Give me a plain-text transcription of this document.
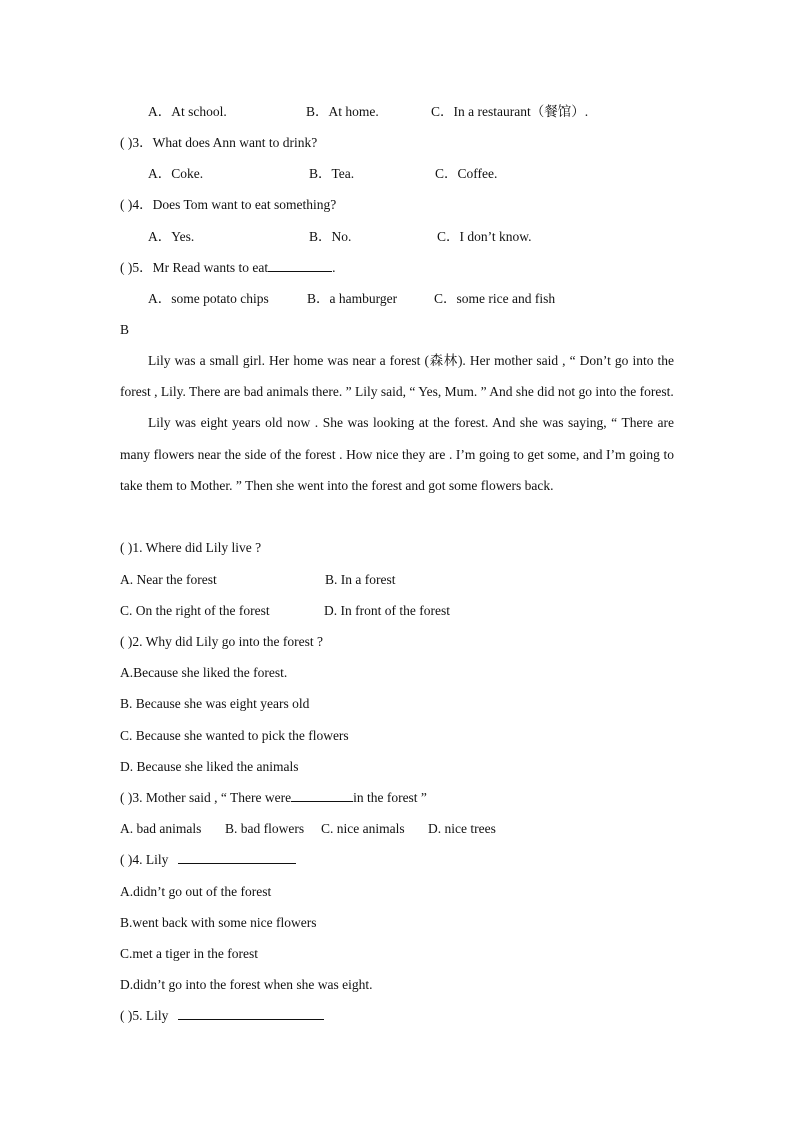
A．At school.	B．At home.	C．In a restaurant（餐馆）.
( )3．What does Ann want to drink?
A．Coke.	B．Tea.	C．Coffee.
( )4．Does Tom want to eat something?
A．Yes.	B．No.	C．I don’t know.
( )5．Mr Read wants to eat	.
A．some potato chips	B．a hamburger	C．some rice and fish
B

Lily was a small girl. Her home was near a forest (森林). Her mother said , “ Don’t go into the forest , Lily. There are bad animals there. ” Lily said, “ Yes, Mum. ” And she did not go into the forest.

Lily was eight years old now . She was looking at the forest. And she was saying, “ There are many flowers near the side of the forest . How nice they are . I’m going to get some, and I’m going to take them to Mother. ” Then she went into the forest and got some flowers back.

( )1. Where did Lily live ?
A. Near the forest	B. In a forest
C. On the right of the forest	D. In front of the forest
( )2. Why did Lily go into the forest ?
A.Because she liked the forest.
B. Because she was eight years old
C. Because she wanted to pick the flowers
D. Because she liked the animals
( )3. Mother said , “ There were	in the forest ”
A. bad animals B. bad flowers C. nice animals D. nice trees
( )4. Lily
A.didn’t go out of the forest
B.went back with some nice flowers
C.met a tiger in the forest
D.didn’t go into the forest when she was eight.
( )5. Lily
